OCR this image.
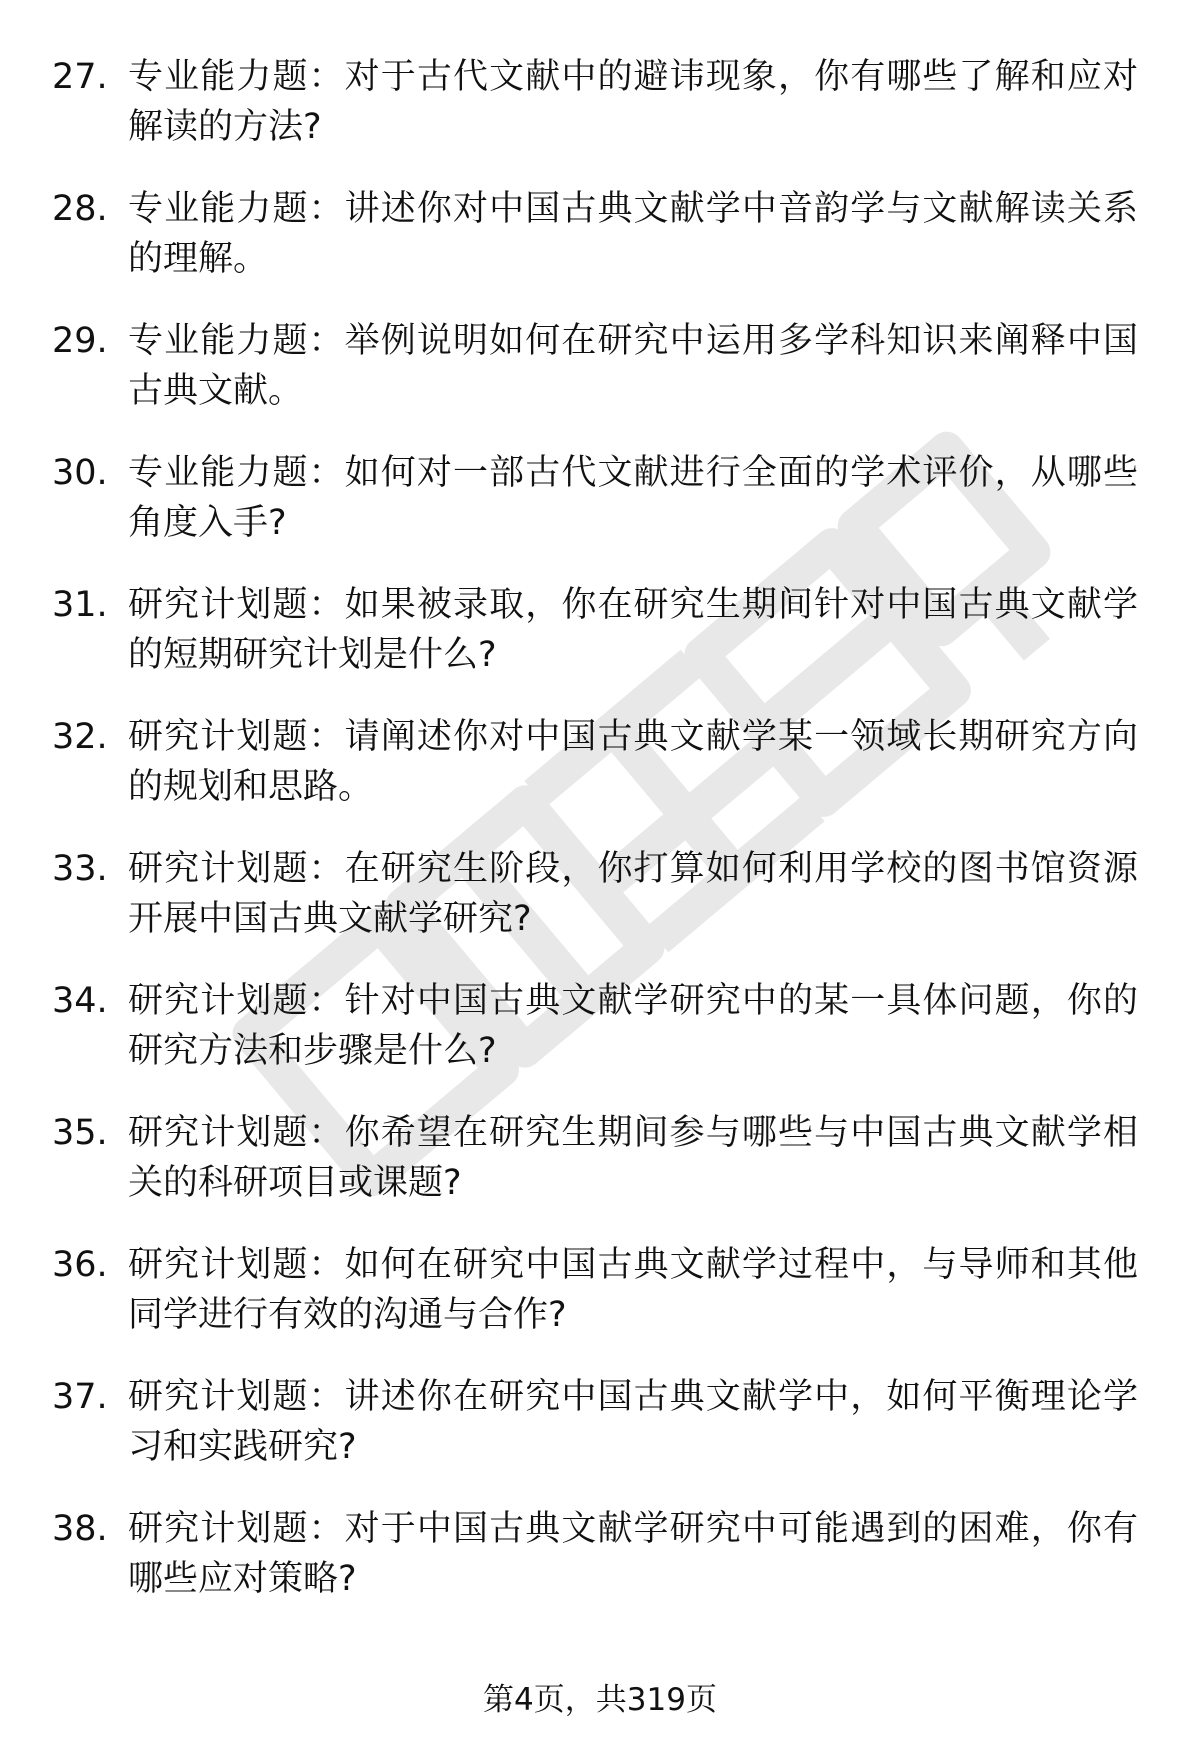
27. 专业能力题：对于古代文献中的避讳现象，你有哪些了解和应对解读的方法?
28. 专业能力题：讲述你对中国古典文献学中音韵学与文献解读关系的理解。
29. 专业能力题：举例说明如何在研究中运用多学科知识来阐释中国古典文献。
30. 专业能力题：如何对一部古代文献进行全面的学术评价，从哪些角度入手?
31. 研究计划题：如果被录取，你在研究生期间针对中国古典文献学的短期研究计划是什么?
32. 研究计划题：请阐述你对中国古典文献学某一领域长期研究方向的规划和思路。
33. 研究计划题：在研究生阶段，你打算如何利用学校的图书馆资源开展中国古典文献学研究?
34. 研究计划题：针对中国古典文献学研究中的某一具体问题，你的研究方法和步骤是什么?
35. 研究计划题：你希望在研究生期间参与哪些与中国古典文献学相关的科研项目或课题?
36. 研究计划题：如何在研究中国古典文献学过程中，与导师和其他同学进行有效的沟通与合作?
37. 研究计划题：讲述你在研究中国古典文献学中，如何平衡理论学习和实践研究?
38. 研究计划题：对于中国古典文献学研究中可能遇到的困难，你有哪些应对策略?
第4页，共319页
